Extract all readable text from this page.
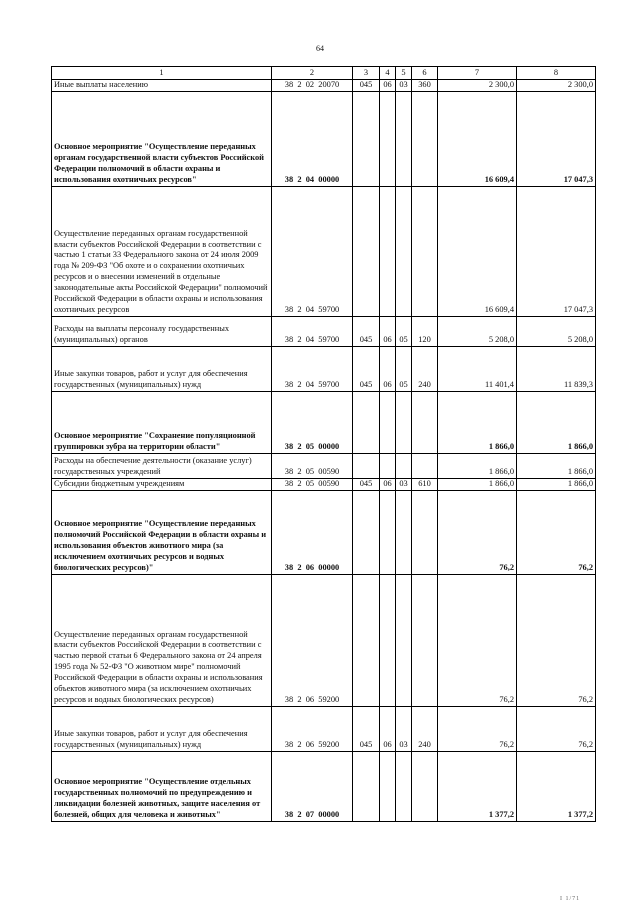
64
1	2	3	4	5	6	7	8
Иные выплаты населению	38  2  02  20070	045	06	03	360	2 300,0	2 300,0
Основное мероприятие "Осуществление переданных органам государственной власти субъектов Российской Федерации полномочий в области охраны и использования охотничьих ресурсов"	38  2  04  00000					16 609,4	17 047,3
Осуществление переданных органам государственной власти субъектов Российской Федерации в соответствии с частью 1 статьи 33 Федерального закона от 24 июля 2009 года № 209-ФЗ "Об охоте и о сохранении охотничьих ресурсов и о внесении изменений в отдельные законодательные акты Российской Федерации" полномочий Российской Федерации в области охраны и использования охотничьих ресурсов	38  2  04  59700					16 609,4	17 047,3
Расходы на выплаты персоналу государственных (муниципальных) органов	38  2  04  59700	045	06	05	120	5 208,0	5 208,0
Иные закупки товаров, работ и услуг для обеспечения государственных (муниципальных) нужд	38  2  04  59700	045	06	05	240	11 401,4	11 839,3
Основное мероприятие "Сохранение популяционной группировки зубра на территории области"	38  2  05  00000					1 866,0	1 866,0
Расходы на обеспечение деятельности (оказание услуг) государственных учреждений	38  2  05  00590					1 866,0	1 866,0
Субсидии бюджетным учреждениям	38  2  05  00590	045	06	03	610	1 866,0	1 866,0
Основное мероприятие "Осуществление переданных полномочий Российской Федерации в области охраны и использования объектов животного мира (за исключением охотничьих ресурсов и водных биологических ресурсов)"	38  2  06  00000					76,2	76,2
Осуществление переданных органам государственной власти субъектов Российской Федерации в соответствии с частью первой статьи 6 Федерального закона от 24 апреля 1995 года № 52-ФЗ "О животном мире" полномочий Российской Федерации в области охраны и использования объектов животного мира (за исключением охотничьих ресурсов и водных биологических ресурсов)	38  2  06  59200					76,2	76,2
Иные закупки товаров, работ и услуг для обеспечения государственных (муниципальных) нужд	38  2  06  59200	045	06	03	240	76,2	76,2
Основное мероприятие "Осуществление отдельных государственных полномочий по предупреждению и ликвидации болезней животных, защите населения от болезней, общих для человека и животных"	38  2  07  00000					1 377,2	1 377,2
I 1/71
